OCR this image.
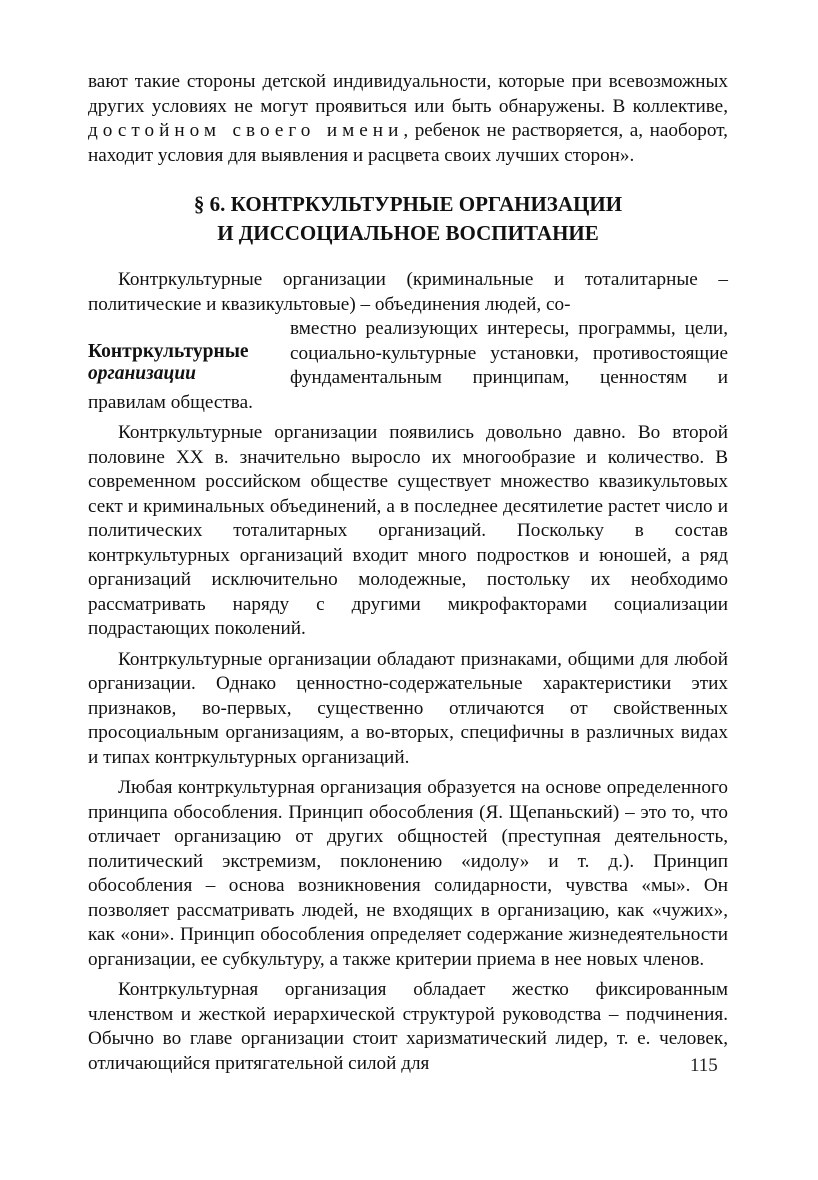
вают такие стороны детской индивидуальности, которые при всевозможных других условиях не могут проявиться или быть обнаружены. В коллективе, достойном своего имени, ребенок не растворяется, а, наоборот, находит условия для выявления и расцвета своих лучших сторон».

§ 6. КОНТРКУЛЬТУРНЫЕ ОРГАНИЗАЦИИ
И ДИССОЦИАЛЬНОЕ ВОСПИТАНИЕ

Контркультурные организации (криминальные и тоталитарные – политические и квазикультовые) – объединения людей, со-

Контркультурные
организации

вместно реализующих интересы, программы, цели, социально-культурные установки, противостоящие фундаментальным принципам, ценностям и правилам общества.

Контркультурные организации появились довольно давно. Во второй половине XX в. значительно выросло их многообразие и количество. В современном российском обществе существует множество квазикультовых сект и криминальных объединений, а в последнее десятилетие растет число и политических тоталитарных организаций. Поскольку в состав контркультурных организаций входит много подростков и юношей, а ряд организаций исключительно молодежные, постольку их необходимо рассматривать наряду с другими микрофакторами социализации подрастающих поколений.

Контркультурные организации обладают признаками, общими для любой организации. Однако ценностно-содержательные характеристики этих признаков, во-первых, существенно отличаются от свойственных просоциальным организациям, а во-вторых, специфичны в различных видах и типах контркультурных организаций.

Любая контркультурная организация образуется на основе определенного принципа обособления. Принцип обособления (Я. Щепаньский) – это то, что отличает организацию от других общностей (преступная деятельность, политический экстремизм, поклонению «идолу» и т. д.). Принцип обособления – основа возникновения солидарности, чувства «мы». Он позволяет рассматривать людей, не входящих в организацию, как «чужих», как «они». Принцип обособления определяет содержание жизнедеятельности организации, ее субкультуру, а также критерии приема в нее новых членов.

Контркультурная организация обладает жестко фиксированным членством и жесткой иерархической структурой руководства – подчинения. Обычно во главе организации стоит харизматический лидер, т. е. человек, отличающийся притягательной силой для	115
